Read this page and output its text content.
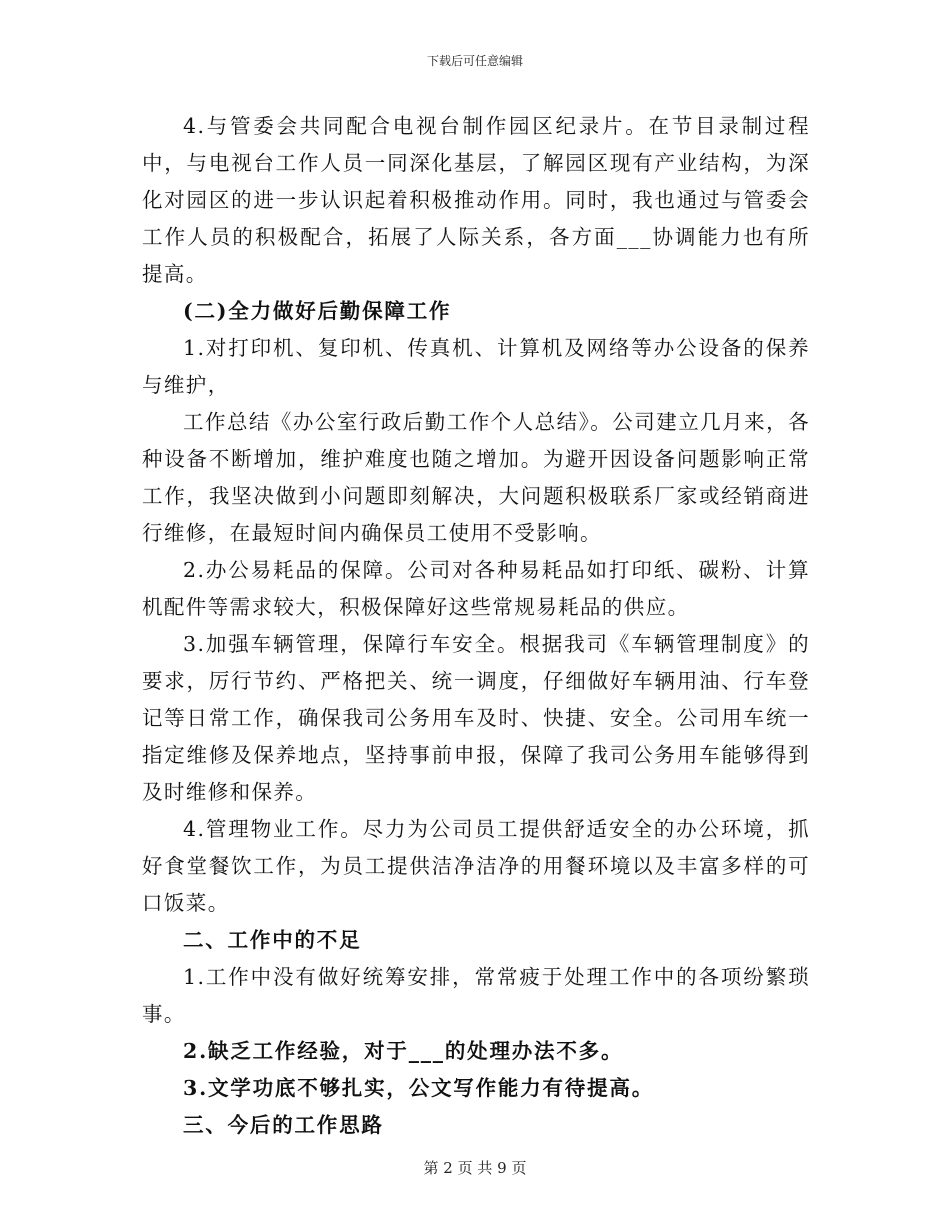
下载后可任意编辑

4.与管委会共同配合电视台制作园区纪录片。在节目录制过程中，与电视台工作人员一同深化基层，了解园区现有产业结构，为深化对园区的进一步认识起着积极推动作用。同时，我也通过与管委会工作人员的积极配合，拓展了人际关系，各方面___协调能力也有所提高。

(二)全力做好后勤保障工作

1.对打印机、复印机、传真机、计算机及网络等办公设备的保养与维护，

工作总结《办公室行政后勤工作个人总结》。公司建立几月来，各种设备不断增加，维护难度也随之增加。为避开因设备问题影响正常工作，我坚决做到小问题即刻解决，大问题积极联系厂家或经销商进行维修，在最短时间内确保员工使用不受影响。

2.办公易耗品的保障。公司对各种易耗品如打印纸、碳粉、计算机配件等需求较大，积极保障好这些常规易耗品的供应。

3.加强车辆管理，保障行车安全。根据我司《车辆管理制度》的要求，厉行节约、严格把关、统一调度，仔细做好车辆用油、行车登记等日常工作，确保我司公务用车及时、快捷、安全。公司用车统一指定维修及保养地点，坚持事前申报，保障了我司公务用车能够得到及时维修和保养。

4.管理物业工作。尽力为公司员工提供舒适安全的办公环境，抓好食堂餐饮工作，为员工提供洁净洁净的用餐环境以及丰富多样的可口饭菜。

二、工作中的不足

1.工作中没有做好统筹安排，常常疲于处理工作中的各项纷繁琐事。

2.缺乏工作经验，对于___的处理办法不多。

3.文学功底不够扎实，公文写作能力有待提高。

三、今后的工作思路

第 2 页 共 9 页
